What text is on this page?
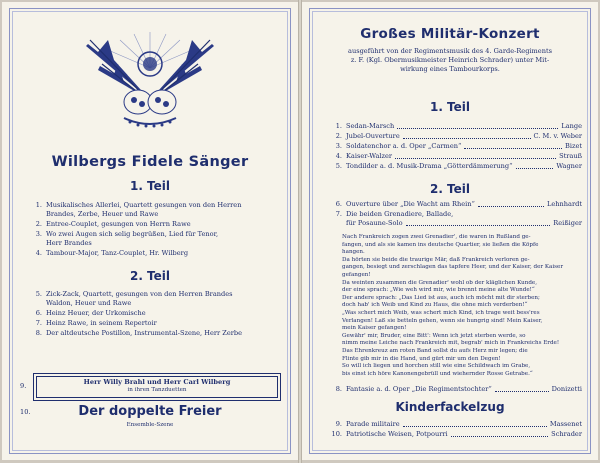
Wilbergs Fidele Sänger
1. Teil
1. Musikalisches Allerlei, Quartett gesungen von den Herren
Brandes, Zerbe, Heuer und Rawe
2. Entree-Couplet, gesungen von Herrn Rawe
3. Wo zwei Augen sich selig begrüßen, Lied für Tenor,
Herr Brandes
4. Tambour-Major, Tanz-Couplet, Hr. Wilberg
2. Teil
5. Zick-Zack, Quartett, gesungen von den Herren Brandes
Waldon, Heuer und Rawe
6. Heinz Heuer, der Urkomische
7. Heinz Rawe, in seinem Repertoir
8. Der altdeutsche Postillon, Instrumental-Szene, Herr Zerbe
9.	Herr Willy Brahl und Herr Carl Wilberg
in ihren Tanzduetten
10.	Der doppelte Freier
Ensemble-Szene
Großes Militär-Konzert
ausgeführt von der Regimentsmusik des 4. Garde-Regiments
z. F. (Kgl. Obermusikmeister Heinrich Schrader) unter Mit-
wirkung eines Tambourkorps.
1. Teil
1. Sedan-Marsch	Lange
2. Jubel-Ouverture	C. M. v. Weber
3. Soldatenchor a. d. Oper „Carmen“	Bizet
4. Kaiser-Walzer	Strauß
5. Tondilder a. d. Musik-Drama „Götterdämmerung“	Wagner
2. Teil
6. Ouverture über „Die Wacht am Rhein“	Lehnhardt
7. Die beiden Grenadiere, Ballade,
für Posaune-Solo	Reißiger
Nach Frankreich zogen zwei Grenadier', die waren in Rußland ge-
fangen, und als sie kamen ins deutsche Quartier, sie ließen die Köpfe
hangen.
Da hörten sie beide die traurige Mär, daß Frankreich verloren ge-
gangen, besiegt und zerschlagen das tapfere Heer, und der Kaiser, der Kaiser
gefangen!
Da weinten zusammen die Grenadier' wohl ob der kläglichen Kunde,
der eine sprach: „Wie weh wird mir, wie brennt meine alte Wunde!“
Der andere sprach: „Das Lied ist aus, auch ich möcht mit dir sterben;
doch hab' ich Weib und Kind zu Haus, die ohne mich verderben!“
„Was schert mich Weib, was schert mich Kind, ich trage weit bess'res
Verlangen! Laß sie betteln gehen, wenn sie hungrig sind! Mein Kaiser,
mein Kaiser gefangen!
Gewähr' mir, Bruder, eine Bitt': Wenn ich jetzt sterben werde, so
nimm meine Leiche nach Frankreich mit, begrab' mich in Frankreichs Erde!
Das Ehrenkreuz am roten Band sollst du aufs Herz mir legen; die
Flinte gib mir in die Hand, und gürt mir um den Degen!
So will ich liegen und horchen still wie eine Schildwach im Grabe,
bis einst ich höre Kanonengebrüll und wiehernder Rosse Getrabe.“
8. Fantasie a. d. Oper „Die Regimentstochter“	Donizetti
Kinderfackelzug
9. Parade militaire	Massenet
10. Patriotische Weisen, Potpourri	Schrader
